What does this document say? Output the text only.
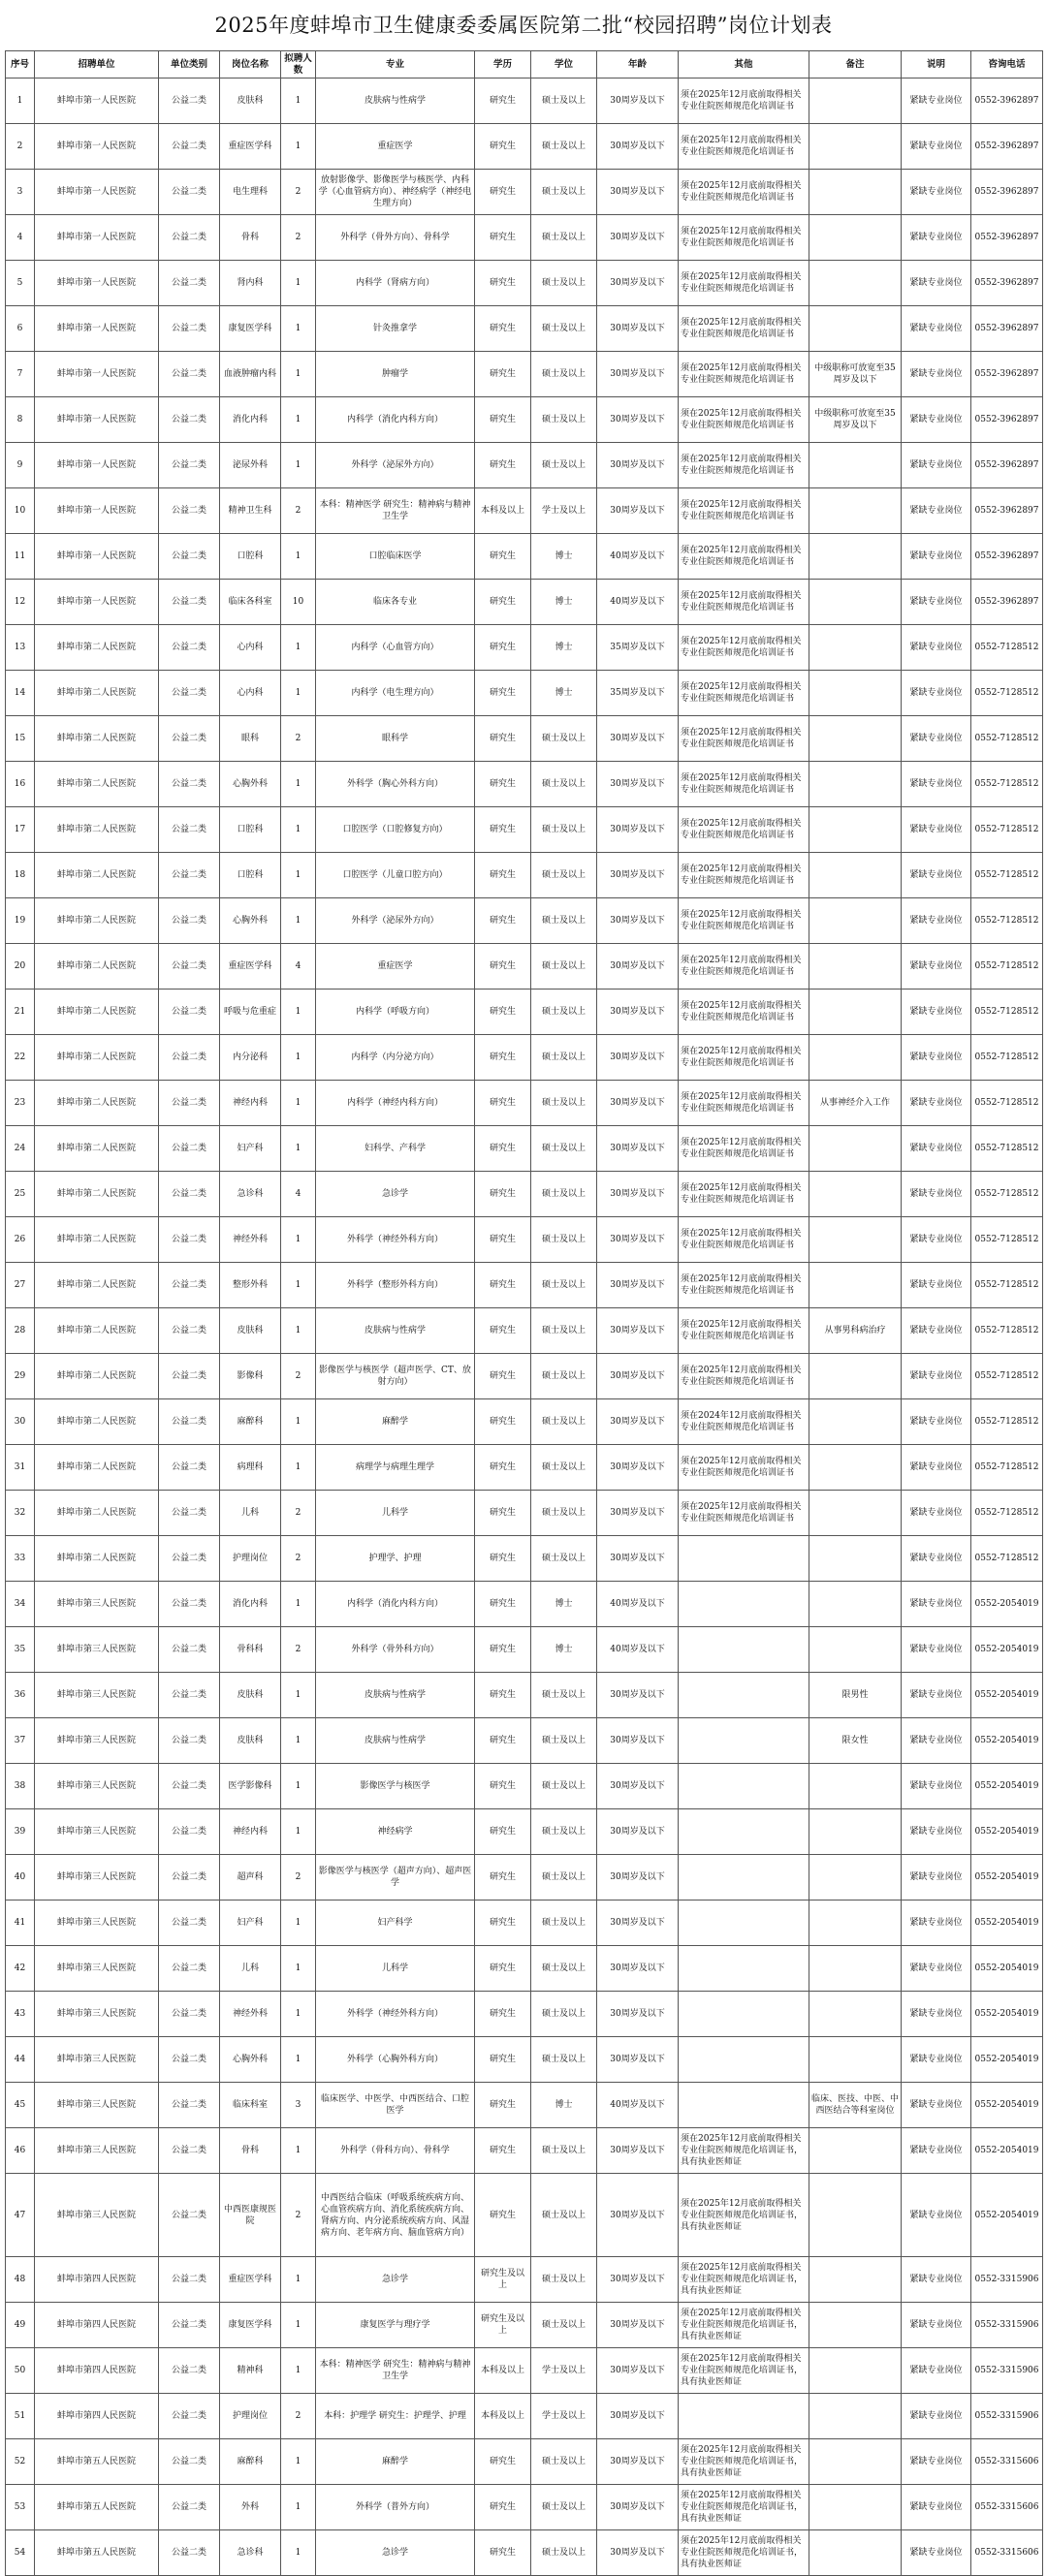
2025年度蚌埠市卫生健康委委属医院第二批“校园招聘”岗位计划表
序号	招聘单位	单位类别	岗位名称	拟聘人数	专业	学历	学位	年龄	其他	备注	说明	咨询电话
1	蚌埠市第一人民医院	公益二类	皮肤科	1	皮肤病与性病学	研究生	硕士及以上	30周岁及以下	须在2025年12月底前取得相关专业住院医师规范化培训证书		紧缺专业岗位	0552-3962897
2	蚌埠市第一人民医院	公益二类	重症医学科	1	重症医学	研究生	硕士及以上	30周岁及以下	须在2025年12月底前取得相关专业住院医师规范化培训证书		紧缺专业岗位	0552-3962897
3	蚌埠市第一人民医院	公益二类	电生理科	2	放射影像学、影像医学与核医学、内科学（心血管病方向）、神经病学（神经电生理方向）	研究生	硕士及以上	30周岁及以下	须在2025年12月底前取得相关专业住院医师规范化培训证书		紧缺专业岗位	0552-3962897
4	蚌埠市第一人民医院	公益二类	骨科	2	外科学（骨外方向）、骨科学	研究生	硕士及以上	30周岁及以下	须在2025年12月底前取得相关专业住院医师规范化培训证书		紧缺专业岗位	0552-3962897
5	蚌埠市第一人民医院	公益二类	肾内科	1	内科学（肾病方向）	研究生	硕士及以上	30周岁及以下	须在2025年12月底前取得相关专业住院医师规范化培训证书		紧缺专业岗位	0552-3962897
6	蚌埠市第一人民医院	公益二类	康复医学科	1	针灸推拿学	研究生	硕士及以上	30周岁及以下	须在2025年12月底前取得相关专业住院医师规范化培训证书		紧缺专业岗位	0552-3962897
7	蚌埠市第一人民医院	公益二类	血液肿瘤内科	1	肿瘤学	研究生	硕士及以上	30周岁及以下	须在2025年12月底前取得相关专业住院医师规范化培训证书	中级职称可放宽至35周岁及以下	紧缺专业岗位	0552-3962897
8	蚌埠市第一人民医院	公益二类	消化内科	1	内科学（消化内科方向）	研究生	硕士及以上	30周岁及以下	须在2025年12月底前取得相关专业住院医师规范化培训证书	中级职称可放宽至35周岁及以下	紧缺专业岗位	0552-3962897
9	蚌埠市第一人民医院	公益二类	泌尿外科	1	外科学（泌尿外方向）	研究生	硕士及以上	30周岁及以下	须在2025年12月底前取得相关专业住院医师规范化培训证书		紧缺专业岗位	0552-3962897
10	蚌埠市第一人民医院	公益二类	精神卫生科	2	本科：精神医学 研究生：精神病与精神卫生学	本科及以上	学士及以上	30周岁及以下	须在2025年12月底前取得相关专业住院医师规范化培训证书		紧缺专业岗位	0552-3962897
11	蚌埠市第一人民医院	公益二类	口腔科	1	口腔临床医学	研究生	博士	40周岁及以下	须在2025年12月底前取得相关专业住院医师规范化培训证书		紧缺专业岗位	0552-3962897
12	蚌埠市第一人民医院	公益二类	临床各科室	10	临床各专业	研究生	博士	40周岁及以下	须在2025年12月底前取得相关专业住院医师规范化培训证书		紧缺专业岗位	0552-3962897
13	蚌埠市第二人民医院	公益二类	心内科	1	内科学（心血管方向）	研究生	博士	35周岁及以下	须在2025年12月底前取得相关专业住院医师规范化培训证书		紧缺专业岗位	0552-7128512
14	蚌埠市第二人民医院	公益二类	心内科	1	内科学（电生理方向）	研究生	博士	35周岁及以下	须在2025年12月底前取得相关专业住院医师规范化培训证书		紧缺专业岗位	0552-7128512
15	蚌埠市第二人民医院	公益二类	眼科	2	眼科学	研究生	硕士及以上	30周岁及以下	须在2025年12月底前取得相关专业住院医师规范化培训证书		紧缺专业岗位	0552-7128512
16	蚌埠市第二人民医院	公益二类	心胸外科	1	外科学（胸心外科方向）	研究生	硕士及以上	30周岁及以下	须在2025年12月底前取得相关专业住院医师规范化培训证书		紧缺专业岗位	0552-7128512
17	蚌埠市第二人民医院	公益二类	口腔科	1	口腔医学（口腔修复方向）	研究生	硕士及以上	30周岁及以下	须在2025年12月底前取得相关专业住院医师规范化培训证书		紧缺专业岗位	0552-7128512
18	蚌埠市第二人民医院	公益二类	口腔科	1	口腔医学（儿童口腔方向）	研究生	硕士及以上	30周岁及以下	须在2025年12月底前取得相关专业住院医师规范化培训证书		紧缺专业岗位	0552-7128512
19	蚌埠市第二人民医院	公益二类	心胸外科	1	外科学（泌尿外方向）	研究生	硕士及以上	30周岁及以下	须在2025年12月底前取得相关专业住院医师规范化培训证书		紧缺专业岗位	0552-7128512
20	蚌埠市第二人民医院	公益二类	重症医学科	4	重症医学	研究生	硕士及以上	30周岁及以下	须在2025年12月底前取得相关专业住院医师规范化培训证书		紧缺专业岗位	0552-7128512
21	蚌埠市第二人民医院	公益二类	呼吸与危重症	1	内科学（呼吸方向）	研究生	硕士及以上	30周岁及以下	须在2025年12月底前取得相关专业住院医师规范化培训证书		紧缺专业岗位	0552-7128512
22	蚌埠市第二人民医院	公益二类	内分泌科	1	内科学（内分泌方向）	研究生	硕士及以上	30周岁及以下	须在2025年12月底前取得相关专业住院医师规范化培训证书		紧缺专业岗位	0552-7128512
23	蚌埠市第二人民医院	公益二类	神经内科	1	内科学（神经内科方向）	研究生	硕士及以上	30周岁及以下	须在2025年12月底前取得相关专业住院医师规范化培训证书	从事神经介入工作	紧缺专业岗位	0552-7128512
24	蚌埠市第二人民医院	公益二类	妇产科	1	妇科学、产科学	研究生	硕士及以上	30周岁及以下	须在2025年12月底前取得相关专业住院医师规范化培训证书		紧缺专业岗位	0552-7128512
25	蚌埠市第二人民医院	公益二类	急诊科	4	急诊学	研究生	硕士及以上	30周岁及以下	须在2025年12月底前取得相关专业住院医师规范化培训证书		紧缺专业岗位	0552-7128512
26	蚌埠市第二人民医院	公益二类	神经外科	1	外科学（神经外科方向）	研究生	硕士及以上	30周岁及以下	须在2025年12月底前取得相关专业住院医师规范化培训证书		紧缺专业岗位	0552-7128512
27	蚌埠市第二人民医院	公益二类	整形外科	1	外科学（整形外科方向）	研究生	硕士及以上	30周岁及以下	须在2025年12月底前取得相关专业住院医师规范化培训证书		紧缺专业岗位	0552-7128512
28	蚌埠市第二人民医院	公益二类	皮肤科	1	皮肤病与性病学	研究生	硕士及以上	30周岁及以下	须在2025年12月底前取得相关专业住院医师规范化培训证书	从事男科病治疗	紧缺专业岗位	0552-7128512
29	蚌埠市第二人民医院	公益二类	影像科	2	影像医学与核医学（超声医学、CT、放射方向）	研究生	硕士及以上	30周岁及以下	须在2025年12月底前取得相关专业住院医师规范化培训证书		紧缺专业岗位	0552-7128512
30	蚌埠市第二人民医院	公益二类	麻醉科	1	麻醉学	研究生	硕士及以上	30周岁及以下	须在2024年12月底前取得相关专业住院医师规范化培训证书		紧缺专业岗位	0552-7128512
31	蚌埠市第二人民医院	公益二类	病理科	1	病理学与病理生理学	研究生	硕士及以上	30周岁及以下	须在2025年12月底前取得相关专业住院医师规范化培训证书		紧缺专业岗位	0552-7128512
32	蚌埠市第二人民医院	公益二类	儿科	2	儿科学	研究生	硕士及以上	30周岁及以下	须在2025年12月底前取得相关专业住院医师规范化培训证书		紧缺专业岗位	0552-7128512
33	蚌埠市第二人民医院	公益二类	护理岗位	2	护理学、护理	研究生	硕士及以上	30周岁及以下			紧缺专业岗位	0552-7128512
34	蚌埠市第三人民医院	公益二类	消化内科	1	内科学（消化内科方向）	研究生	博士	40周岁及以下			紧缺专业岗位	0552-2054019
35	蚌埠市第三人民医院	公益二类	骨科科	2	外科学（骨外科方向）	研究生	博士	40周岁及以下			紧缺专业岗位	0552-2054019
36	蚌埠市第三人民医院	公益二类	皮肤科	1	皮肤病与性病学	研究生	硕士及以上	30周岁及以下		限男性	紧缺专业岗位	0552-2054019
37	蚌埠市第三人民医院	公益二类	皮肤科	1	皮肤病与性病学	研究生	硕士及以上	30周岁及以下		限女性	紧缺专业岗位	0552-2054019
38	蚌埠市第三人民医院	公益二类	医学影像科	1	影像医学与核医学	研究生	硕士及以上	30周岁及以下			紧缺专业岗位	0552-2054019
39	蚌埠市第三人民医院	公益二类	神经内科	1	神经病学	研究生	硕士及以上	30周岁及以下			紧缺专业岗位	0552-2054019
40	蚌埠市第三人民医院	公益二类	超声科	2	影像医学与核医学（超声方向）、超声医学	研究生	硕士及以上	30周岁及以下			紧缺专业岗位	0552-2054019
41	蚌埠市第三人民医院	公益二类	妇产科	1	妇产科学	研究生	硕士及以上	30周岁及以下			紧缺专业岗位	0552-2054019
42	蚌埠市第三人民医院	公益二类	儿科	1	儿科学	研究生	硕士及以上	30周岁及以下			紧缺专业岗位	0552-2054019
43	蚌埠市第三人民医院	公益二类	神经外科	1	外科学（神经外科方向）	研究生	硕士及以上	30周岁及以下			紧缺专业岗位	0552-2054019
44	蚌埠市第三人民医院	公益二类	心胸外科	1	外科学（心胸外科方向）	研究生	硕士及以上	30周岁及以下			紧缺专业岗位	0552-2054019
45	蚌埠市第三人民医院	公益二类	临床科室	3	临床医学、中医学、中西医结合、口腔医学	研究生	博士	40周岁及以下		临床、医技、中医、中西医结合等科室岗位	紧缺专业岗位	0552-2054019
46	蚌埠市第三人民医院	公益二类	骨科	1	外科学（骨科方向）、骨科学	研究生	硕士及以上	30周岁及以下	须在2025年12月底前取得相关专业住院医师规范化培训证书，具有执业医师证		紧缺专业岗位	0552-2054019
47	蚌埠市第三人民医院	公益二类	中西医康规医院	2	中西医结合临床（呼吸系统疾病方向、心血管疾病方向、消化系统疾病方向、肾病方向、内分泌系统疾病方向、风湿病方向、老年病方向、脑血管病方向）	研究生	硕士及以上	30周岁及以下	须在2025年12月底前取得相关专业住院医师规范化培训证书，具有执业医师证		紧缺专业岗位	0552-2054019
48	蚌埠市第四人民医院	公益二类	重症医学科	1	急诊学	研究生及以上	硕士及以上	30周岁及以下	须在2025年12月底前取得相关专业住院医师规范化培训证书，具有执业医师证		紧缺专业岗位	0552-3315906
49	蚌埠市第四人民医院	公益二类	康复医学科	1	康复医学与理疗学	研究生及以上	硕士及以上	30周岁及以下	须在2025年12月底前取得相关专业住院医师规范化培训证书，具有执业医师证		紧缺专业岗位	0552-3315906
50	蚌埠市第四人民医院	公益二类	精神科	1	本科：精神医学 研究生：精神病与精神卫生学	本科及以上	学士及以上	30周岁及以下	须在2025年12月底前取得相关专业住院医师规范化培训证书，具有执业医师证		紧缺专业岗位	0552-3315906
51	蚌埠市第四人民医院	公益二类	护理岗位	2	本科：护理学 研究生：护理学、护理	本科及以上	学士及以上	30周岁及以下			紧缺专业岗位	0552-3315906
52	蚌埠市第五人民医院	公益二类	麻醉科	1	麻醉学	研究生	硕士及以上	30周岁及以下	须在2025年12月底前取得相关专业住院医师规范化培训证书，具有执业医师证		紧缺专业岗位	0552-3315606
53	蚌埠市第五人民医院	公益二类	外科	1	外科学（普外方向）	研究生	硕士及以上	30周岁及以下	须在2025年12月底前取得相关专业住院医师规范化培训证书，具有执业医师证		紧缺专业岗位	0552-3315606
54	蚌埠市第五人民医院	公益二类	急诊科	1	急诊学	研究生	硕士及以上	30周岁及以下	须在2025年12月底前取得相关专业住院医师规范化培训证书，具有执业医师证		紧缺专业岗位	0552-3315606
